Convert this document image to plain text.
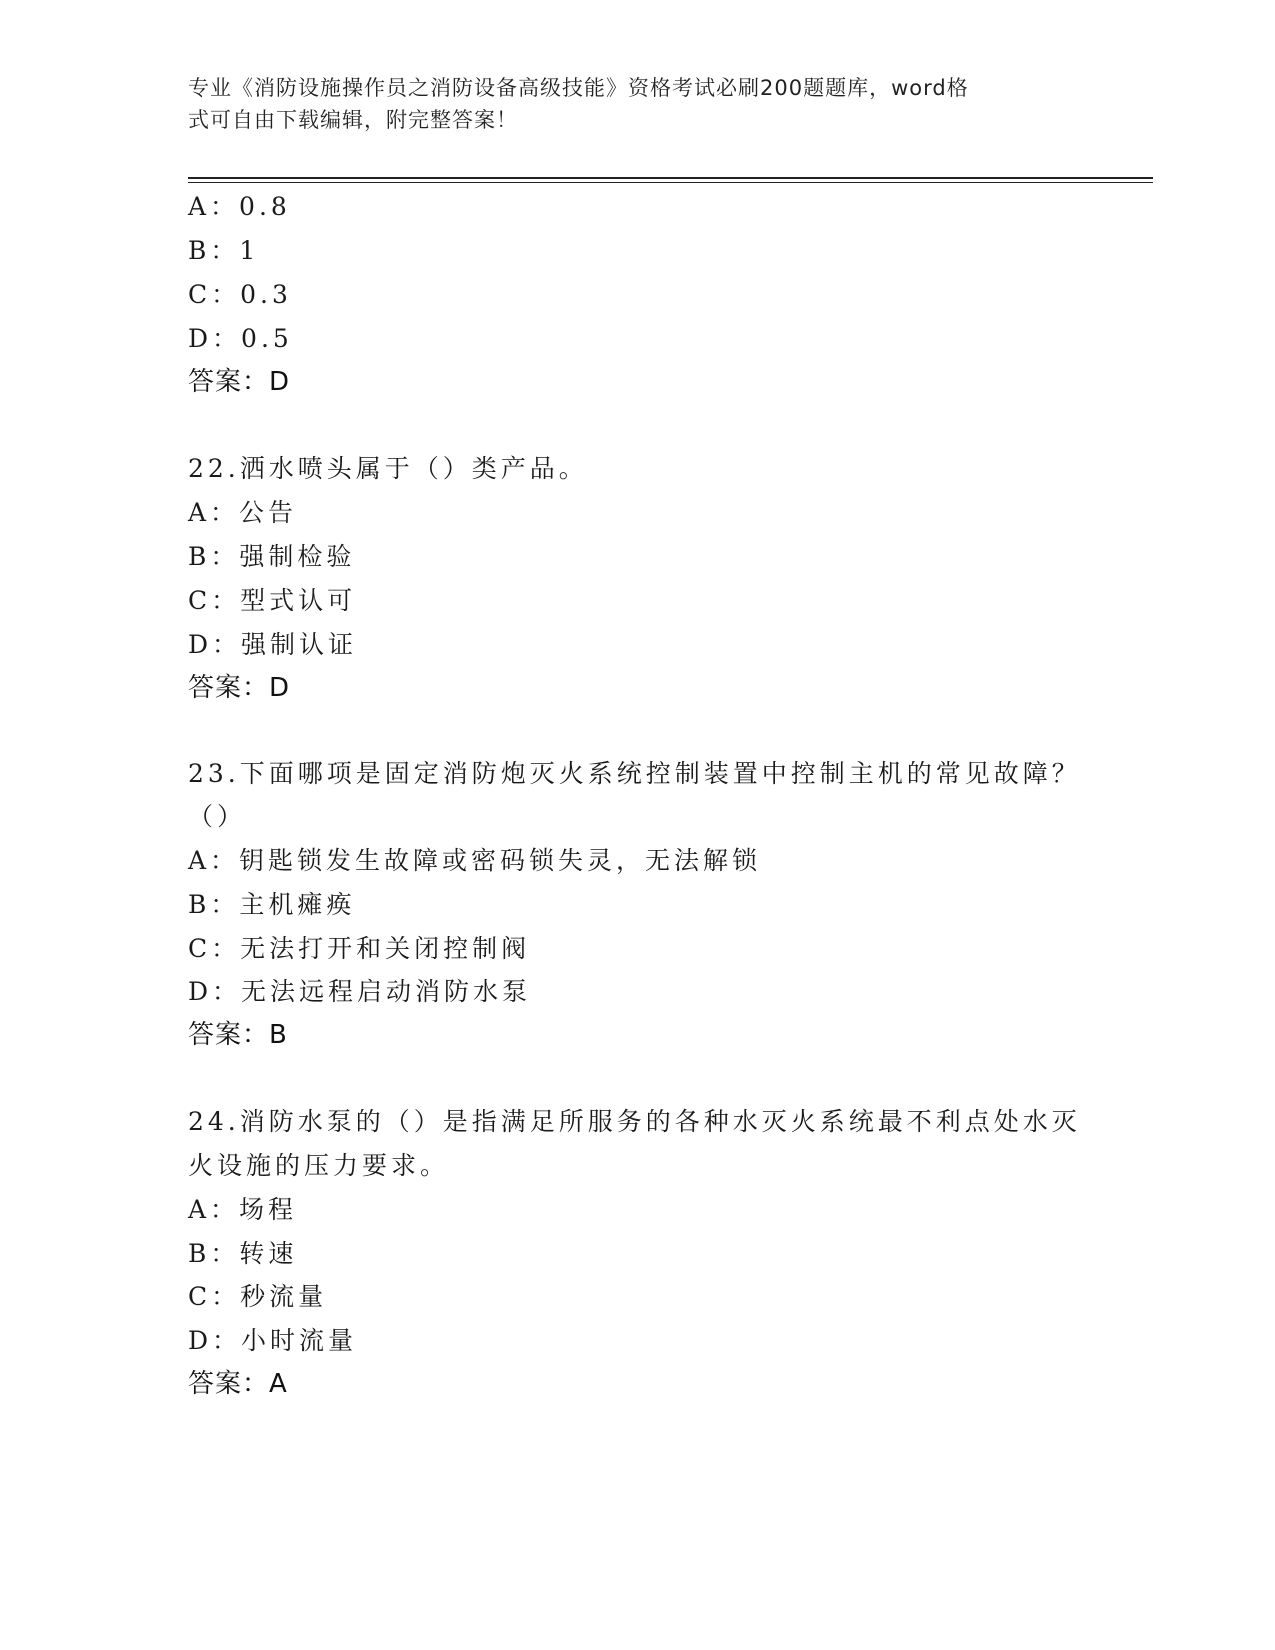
专业《消防设施操作员之消防设备高级技能》资格考试必刷200题题库，word格
式可自由下载编辑，附完整答案！
A：0.8
B：1
C：0.3
D：0.5
答案：D
22.洒水喷头属于（）类产品。
A：公告
B：强制检验
C：型式认可
D：强制认证
答案：D
23.下面哪项是固定消防炮灭火系统控制装置中控制主机的常见故障？
（）
A：钥匙锁发生故障或密码锁失灵，无法解锁
B：主机瘫痪
C：无法打开和关闭控制阀
D：无法远程启动消防水泵
答案：B
24.消防水泵的（）是指满足所服务的各种水灭火系统最不利点处水灭
火设施的压力要求。
A：场程
B：转速
C：秒流量
D：小时流量
答案：A
